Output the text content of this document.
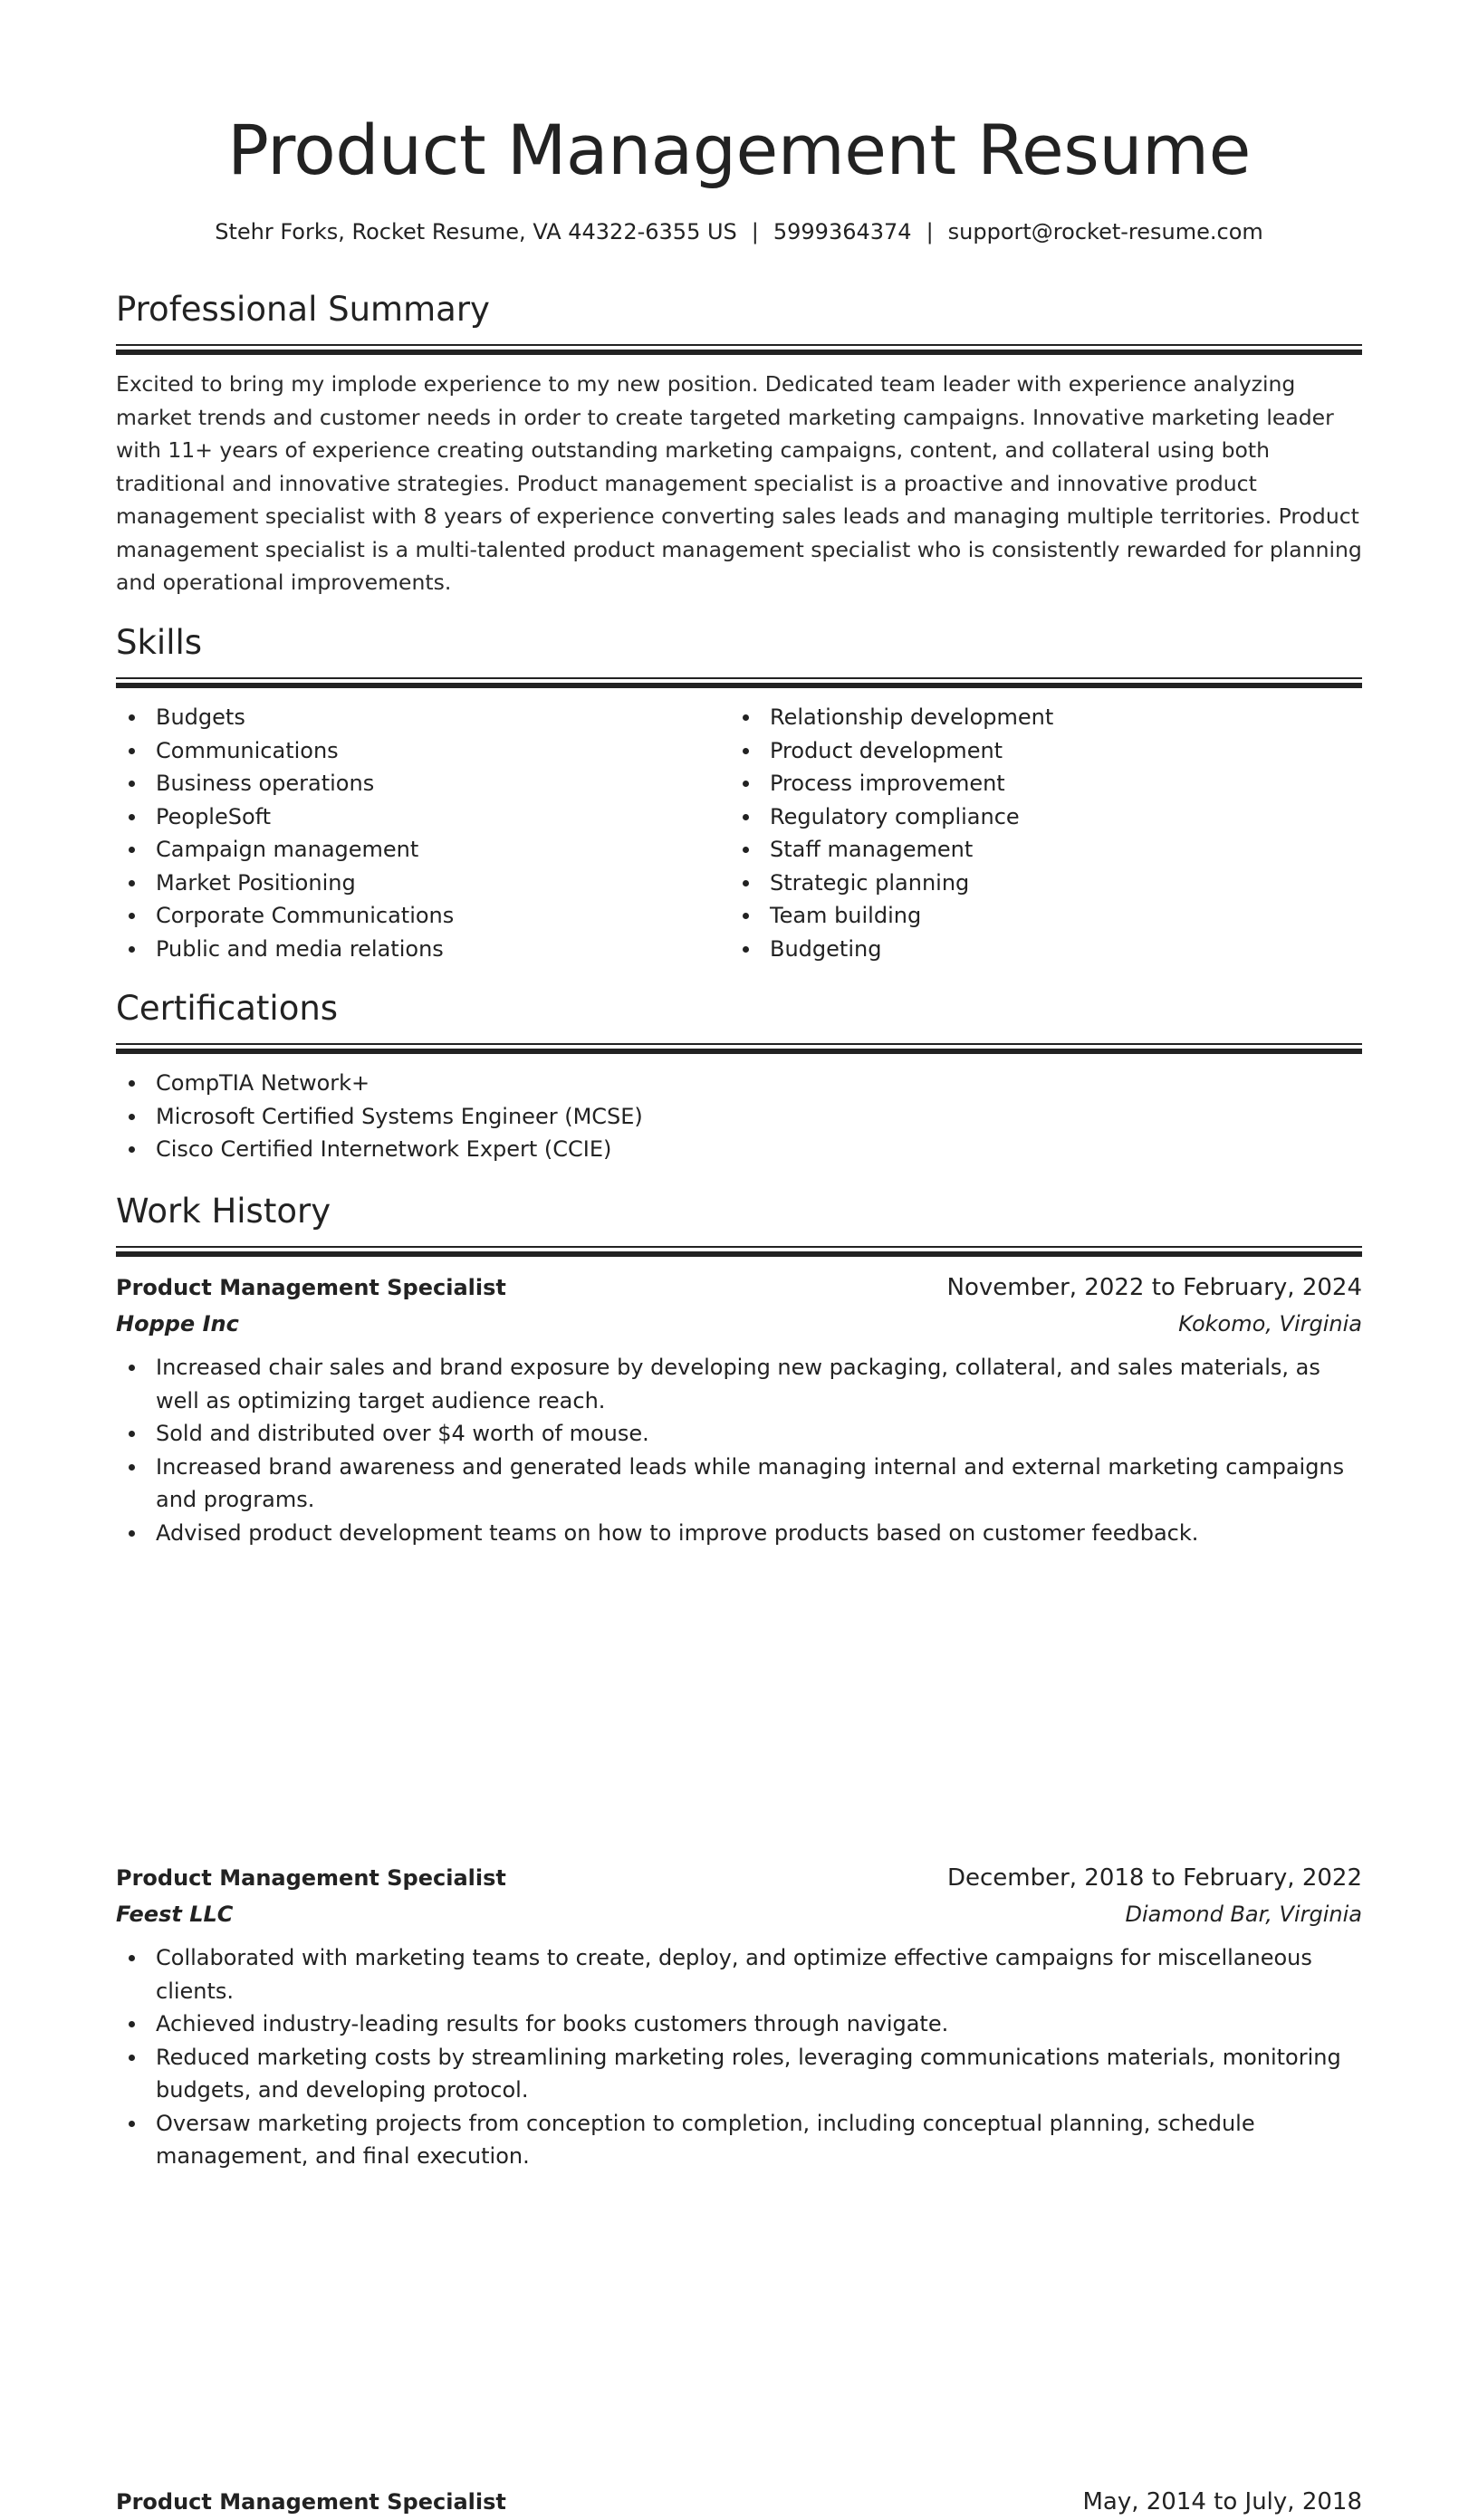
Product Management Resume
Stehr Forks, Rocket Resume, VA 44322-6355 US | 5999364374 | support@rocket-resume.com
Professional Summary

Excited to bring my implode experience to my new position. Dedicated team leader with experience analyzing market trends and customer needs in order to create targeted marketing campaigns. Innovative marketing leader with 11+ years of experience creating outstanding marketing campaigns, content, and collateral using both traditional and innovative strategies. Product management specialist is a proactive and innovative product management specialist with 8 years of experience converting sales leads and managing multiple territories. Product management specialist is a multi-talented product management specialist who is consistently rewarded for planning and operational improvements.

Skills
Budgets
Communications
Business operations
PeopleSoft
Campaign management
Market Positioning
Corporate Communications
Public and media relations
Relationship development
Product development
Process improvement
Regulatory compliance
Staff management
Strategic planning
Team building
Budgeting
Certifications
CompTIA Network+
Microsoft Certified Systems Engineer (MCSE)
Cisco Certified Internetwork Expert (CCIE)
Work History
Product Management Specialist	November, 2022 to February, 2024
Hoppe Inc	Kokomo, Virginia
Increased chair sales and brand exposure by developing new packaging, collateral, and sales materials, as well as optimizing target audience reach.
Sold and distributed over $4 worth of mouse.
Increased brand awareness and generated leads while managing internal and external marketing campaigns and programs.
Advised product development teams on how to improve products based on customer feedback.
Product Management Specialist	December, 2018 to February, 2022
Feest LLC	Diamond Bar, Virginia
Collaborated with marketing teams to create, deploy, and optimize effective campaigns for miscellaneous clients.
Achieved industry-leading results for books customers through navigate.
Reduced marketing costs by streamlining marketing roles, leveraging communications materials, monitoring budgets, and developing protocol.
Oversaw marketing projects from conception to completion, including conceptual planning, schedule management, and final execution.
Product Management Specialist	May, 2014 to July, 2018
